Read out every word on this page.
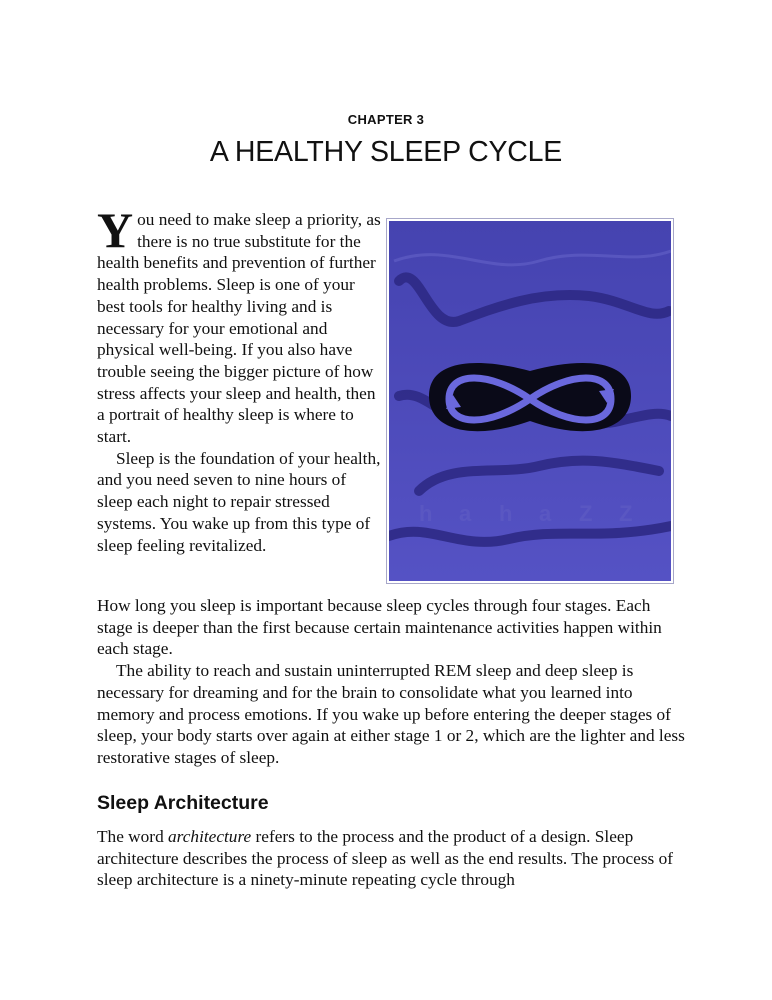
CHAPTER 3
A HEALTHY SLEEP CYCLE
h a h a Z Z

You need to make sleep a priority, as there is no true substitute for the health benefits and prevention of further health problems. Sleep is one of your best tools for healthy living and is necessary for your emotional and physical well-being. If you also have trouble seeing the bigger picture of how stress affects your sleep and health, then a portrait of healthy sleep is where to start.

Sleep is the foundation of your health, and you need seven to nine hours of sleep each night to repair stressed systems. You wake up from this type of sleep feeling revitalized.

How long you sleep is important because sleep cycles through four stages. Each stage is deeper than the first because certain maintenance activities happen within each stage.

The ability to reach and sustain uninterrupted REM sleep and deep sleep is necessary for dreaming and for the brain to consolidate what you learned into memory and process emotions. If you wake up before entering the deeper stages of sleep, your body starts over again at either stage 1 or 2, which are the lighter and less restorative stages of sleep.

Sleep Architecture

The word architecture refers to the process and the product of a design. Sleep architecture describes the process of sleep as well as the end results. The process of sleep architecture is a ninety-minute repeating cycle through
